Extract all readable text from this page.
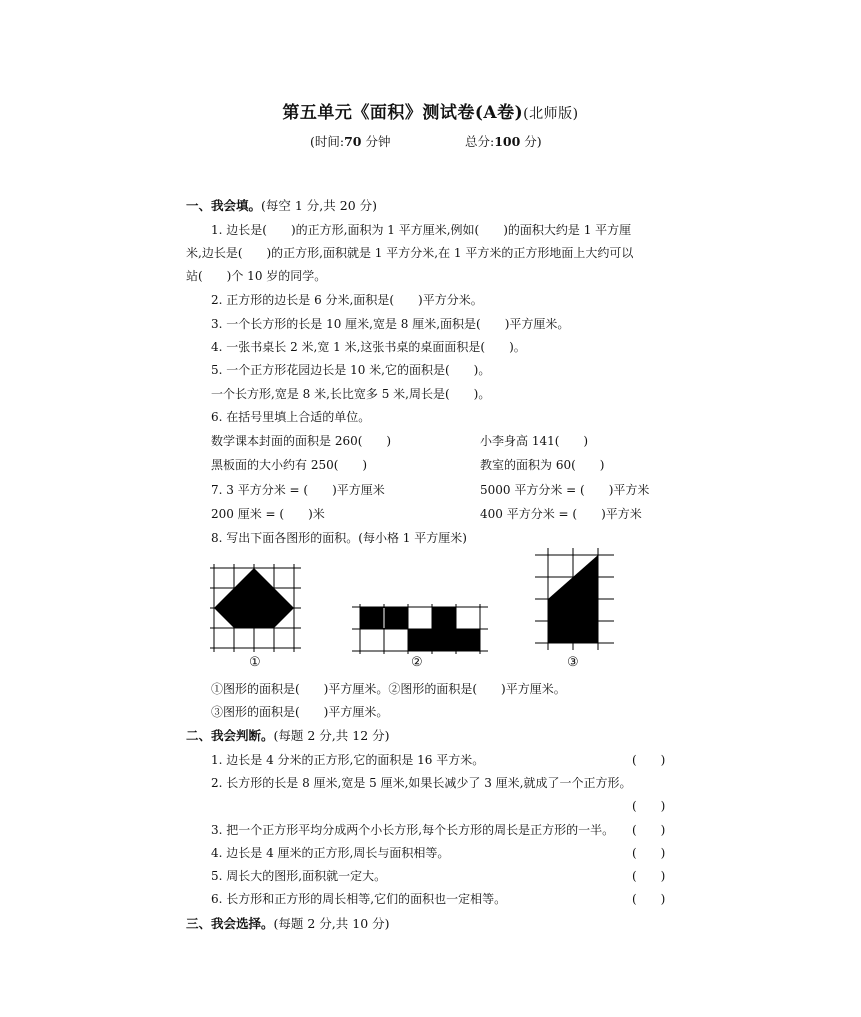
第五单元《面积》测试卷(A卷)(北师版)
(时间:70 分钟	总分:100 分)
一、我会填。(每空 1 分,共 20 分)
1. 边长是(　　)的正方形,面积为 1 平方厘米,例如(　　)的面积大约是 1 平方厘
米,边长是(　　)的正方形,面积就是 1 平方分米,在 1 平方米的正方形地面上大约可以
站(　　)个 10 岁的同学。
2. 正方形的边长是 6 分米,面积是(　　)平方分米。
3. 一个长方形的长是 10 厘米,宽是 8 厘米,面积是(　　)平方厘米。
4. 一张书桌长 2 米,宽 1 米,这张书桌的桌面面积是(　　)。
5. 一个正方形花园边长是 10 米,它的面积是(　　)。
一个长方形,宽是 8 米,长比宽多 5 米,周长是(　　)。
6. 在括号里填上合适的单位。
数学课本封面的面积是 260(　　)	小李身高 141(　　)
黑板面的大小约有 250(　　)	教室的面积为 60(　　)
7. 3 平方分米 = (　　)平方厘米	5000 平方分米 = (　　)平方米
200 厘米 = (　　)米	400 平方分米 = (　　)平方米
8. 写出下面各图形的面积。(每小格 1 平方厘米)
①	②	③
①图形的面积是(　　)平方厘米。②图形的面积是(　　)平方厘米。
③图形的面积是(　　)平方厘米。
二、我会判断。(每题 2 分,共 12 分)
1. 边长是 4 分米的正方形,它的面积是 16 平方米。	(　　)
2. 长方形的长是 8 厘米,宽是 5 厘米,如果长减少了 3 厘米,就成了一个正方形。
(　　)
3. 把一个正方形平均分成两个小长方形,每个长方形的周长是正方形的一半。 (　　)
4. 边长是 4 厘米的正方形,周长与面积相等。	(　　)
5. 周长大的图形,面积就一定大。	(　　)
6. 长方形和正方形的周长相等,它们的面积也一定相等。	(　　)
三、我会选择。(每题 2 分,共 10 分)
